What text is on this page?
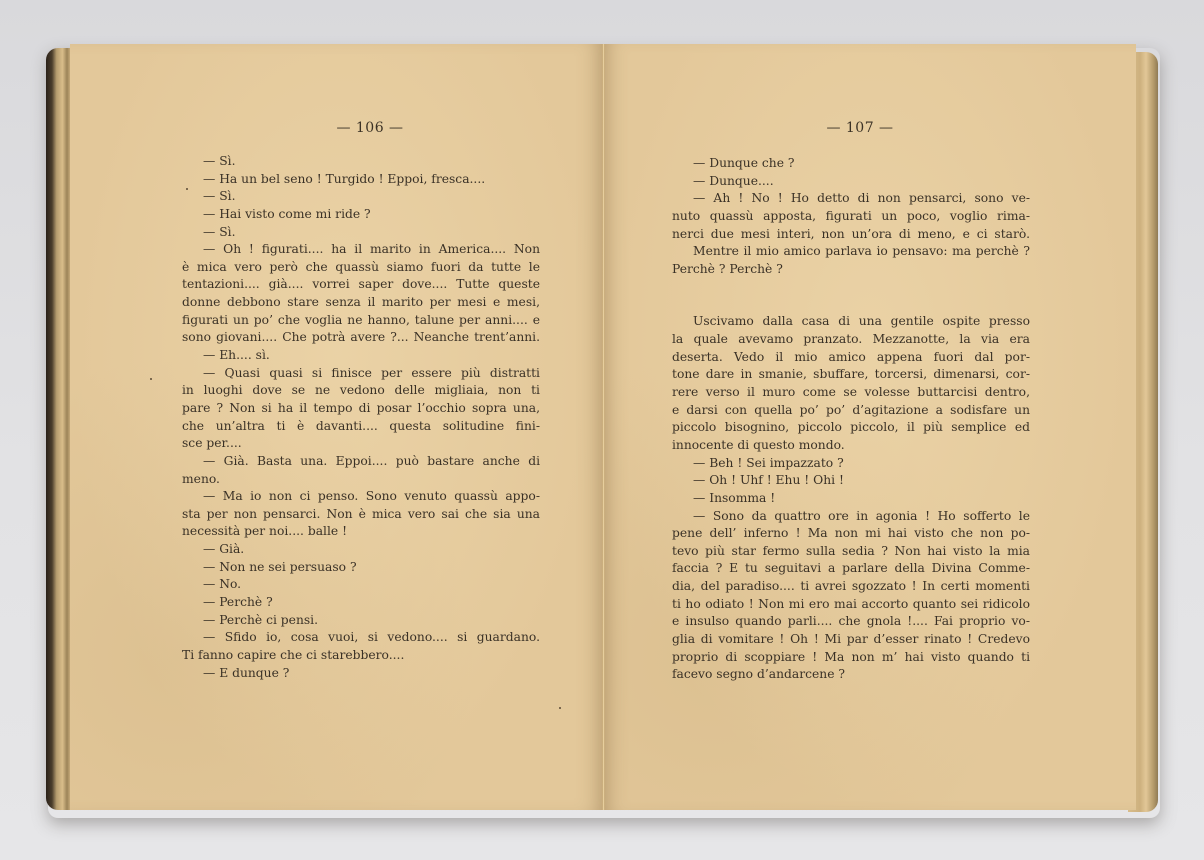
— 106 —	— 107 —
— Sì.
— Ha un bel seno ! Turgido ! Eppoi, fresca....
— Sì.
— Hai visto come mi ride ?
— Sì.
— Oh ! figurati.... ha il marito in America.... Non
è mica vero però che quassù siamo fuori da tutte le
tentazioni.... già.... vorrei saper dove.... Tutte queste
donne debbono stare senza il marito per mesi e mesi,
figurati un po’ che voglia ne hanno, talune per anni.... e
sono giovani.... Che potrà avere ?... Neanche trent’anni.
— Eh.... sì.
— Quasi quasi si finisce per essere più distratti
in luoghi dove se ne vedono delle migliaia, non ti
pare ? Non si ha il tempo di posar l’occhio sopra una,
che un’altra ti è davanti.... questa solitudine fini-
sce per....
— Già. Basta una. Eppoi.... può bastare anche di
meno.
— Ma io non ci penso. Sono venuto quassù appo-
sta per non pensarci. Non è mica vero sai che sia una
necessità per noi.... balle !
— Già.
— Non ne sei persuaso ?
— No.
— Perchè ?
— Perchè ci pensi.
— Sfido io, cosa vuoi, si vedono.... si guardano.
Ti fanno capire che ci starebbero....
— E dunque ?
— Dunque che ?
— Dunque....
— Ah ! No ! Ho detto di non pensarci, sono ve-
nuto quassù apposta, figurati un poco, voglio rima-
nerci due mesi interi, non un’ora di meno, e ci starò.
Mentre il mio amico parlava io pensavo: ma perchè ?
Perchè ? Perchè ?
Uscivamo dalla casa di una gentile ospite presso
la quale avevamo pranzato. Mezzanotte, la via era
deserta. Vedo il mio amico appena fuori dal por-
tone dare in smanie, sbuffare, torcersi, dimenarsi, cor-
rere verso il muro come se volesse buttarcisi dentro,
e darsi con quella po’ po’ d’agitazione a sodisfare un
piccolo bisognino, piccolo piccolo, il più semplice ed
innocente di questo mondo.
— Beh ! Sei impazzato ?
— Oh ! Uhf ! Ehu ! Ohi !
— Insomma !
— Sono da quattro ore in agonia ! Ho sofferto le
pene dell’ inferno ! Ma non mi hai visto che non po-
tevo più star fermo sulla sedia ? Non hai visto la mia
faccia ? E tu seguitavi a parlare della Divina Comme-
dia, del paradiso.... ti avrei sgozzato ! In certi momenti
ti ho odiato ! Non mi ero mai accorto quanto sei ridicolo
e insulso quando parli.... che gnola !.... Fai proprio vo-
glia di vomitare ! Oh ! Mi par d’esser rinato ! Credevo
proprio di scoppiare ! Ma non m’ hai visto quando ti
facevo segno d’andarcene ?
